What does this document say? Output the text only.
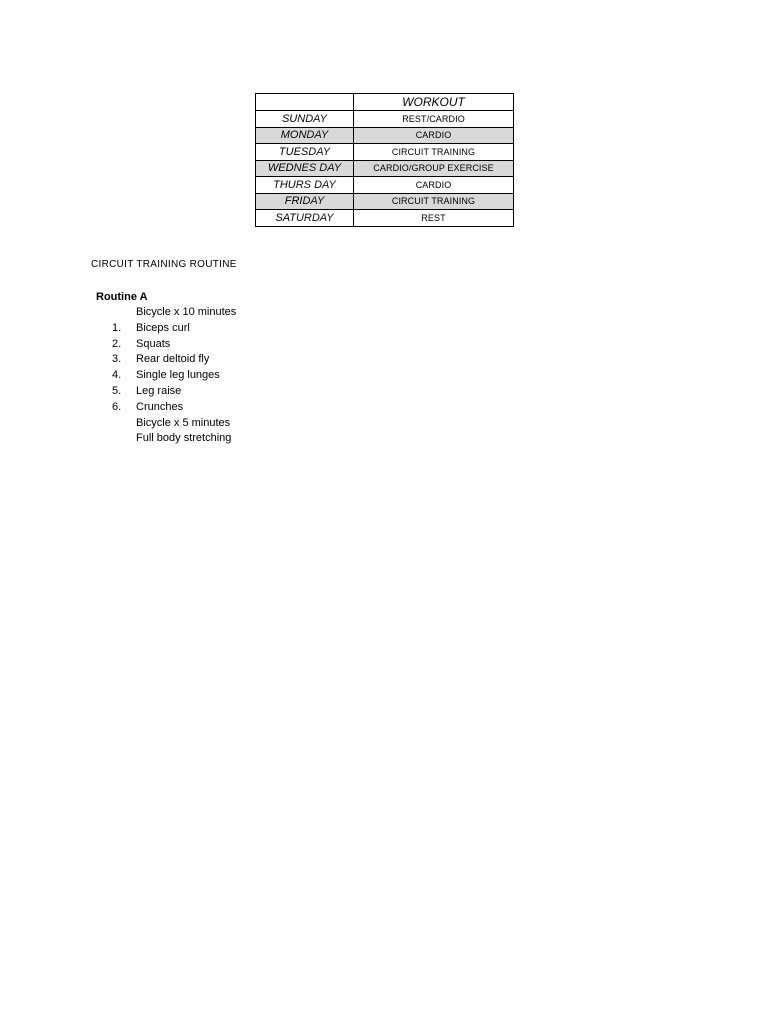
	WORKOUT
SUNDAY	REST/CARDIO
MONDAY	CARDIO
TUESDAY	CIRCUIT TRAINING
WEDNES DAY	CARDIO/GROUP EXERCISE
THURS DAY	CARDIO
FRIDAY	CIRCUIT TRAINING
SATURDAY	REST
CIRCUIT TRAINING ROUTINE
Routine A
Bicycle x 10 minutes
1.	Biceps curl
2.	Squats
3.	Rear deltoid fly
4.	Single leg lunges
5.	Leg raise
6.	Crunches
Bicycle x 5 minutes
Full body stretching
